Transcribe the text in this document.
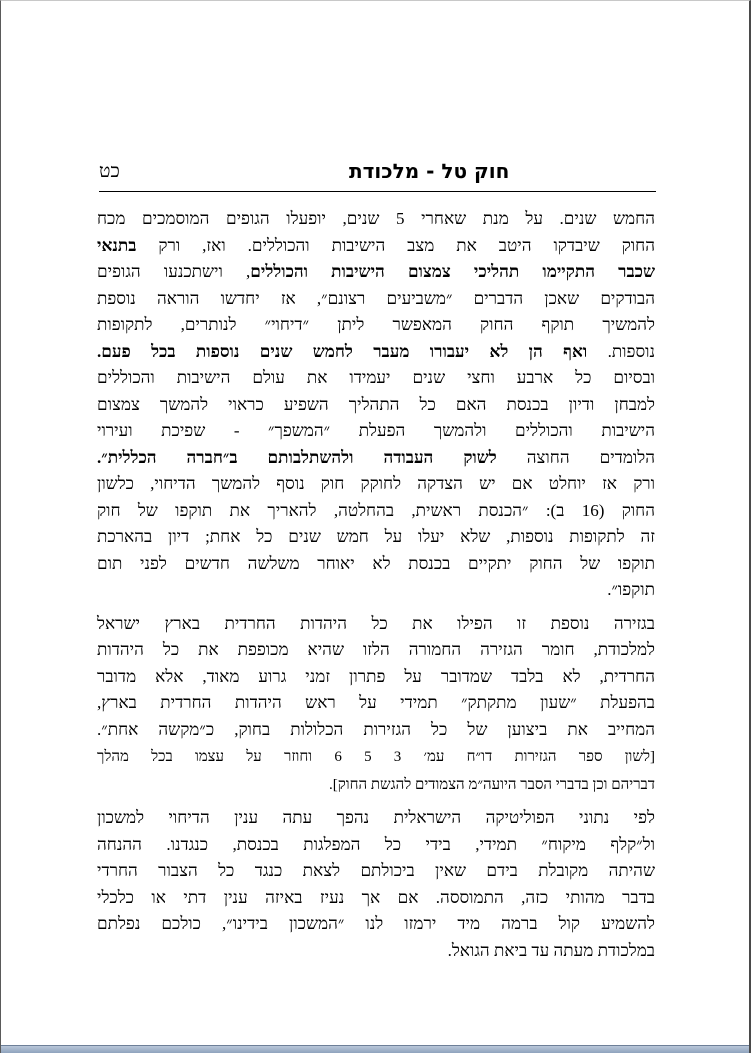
חוק טל - מלכודת
כט

החמש שנים. על מנת שאחרי 5 שנים, יופעלו הגופים המוסמכים מכח

החוק שיבדקו היטב את מצב הישיבות והכוללים. ואז, ורק בתנאי

שכבר התקיימו תהליכי צמצום הישיבות והכוללים, וישתכנעו הגופים

הבודקים שאכן הדברים ״משביעים רצונם״, אז יחדשו הוראה נוספת

להמשיך תוקף החוק המאפשר ליתן ״דיחוי״ לנותרים, לתקופות

נוספות. ואף הן לא יעבורו מעבר לחמש שנים נוספות בכל פעם.

ובסיום כל ארבע וחצי שנים יעמידו את עולם הישיבות והכוללים

למבחן ודיון בכנסת האם כל התהליך השפיע כראוי להמשך צמצום

הישיבות והכוללים ולהמשך הפעלת ״המשפך״ - שפיכת ועירוי

הלומדים החוצה לשוק העבודה ולהשתלבותם ב״חברה הכללית״.

ורק אז יוחלט אם יש הצדקה לחוקק חוק נוסף להמשך הדיחוי, כלשון

החוק (16 ב): ״הכנסת ראשית, בהחלטה, להאריך את תוקפו של חוק

זה לתקופות נוספות, שלא יעלו על חמש שנים כל אחת; דיון בהארכת

תוקפו של החוק יתקיים בכנסת לא יאוחר משלשה חדשים לפני תום

תוקפו״.

בגזירה נוספת זו הפילו את כל היהדות החרדית בארץ ישראל

למלכודת, חומר הגזירה החמורה הלזו שהיא מכופפת את כל היהדות

החרדית, לא בלבד שמדובר על פתרון זמני גרוע מאוד, אלא מדובר

בהפעלת ״שעון מתקתק״ תמידי על ראש היהדות החרדית בארץ,

המחייב את ביצוען של כל הגזירות הכלולות בחוק, כ״מקשה אחת״.

[לשון ספר הגזירות דו״ח עמ׳ 3 5 6 וחוזר על עצמו בכל מהלך

דבריהם וכן בדברי הסבר היועה״מ הצמודים להגשת החוק].

לפי נתוני הפוליטיקה הישראלית נהפך עתה ענין הדיחוי למשכון

ול״קלף מיקוח״ תמידי, בידי כל המפלגות בכנסת, כנגדנו. ההנחה

שהיתה מקובלת בידם שאין ביכולתם לצאת כנגד כל הצבור החרדי

בדבר מהותי כזה, התמוססה. אם אך נעיז באיזה ענין דתי או כלכלי

להשמיע קול ברמה מיד ירמזו לנו ״המשכון בידינו״, כולכם נפלתם

במלכודת מעתה עד ביאת הגואל.
